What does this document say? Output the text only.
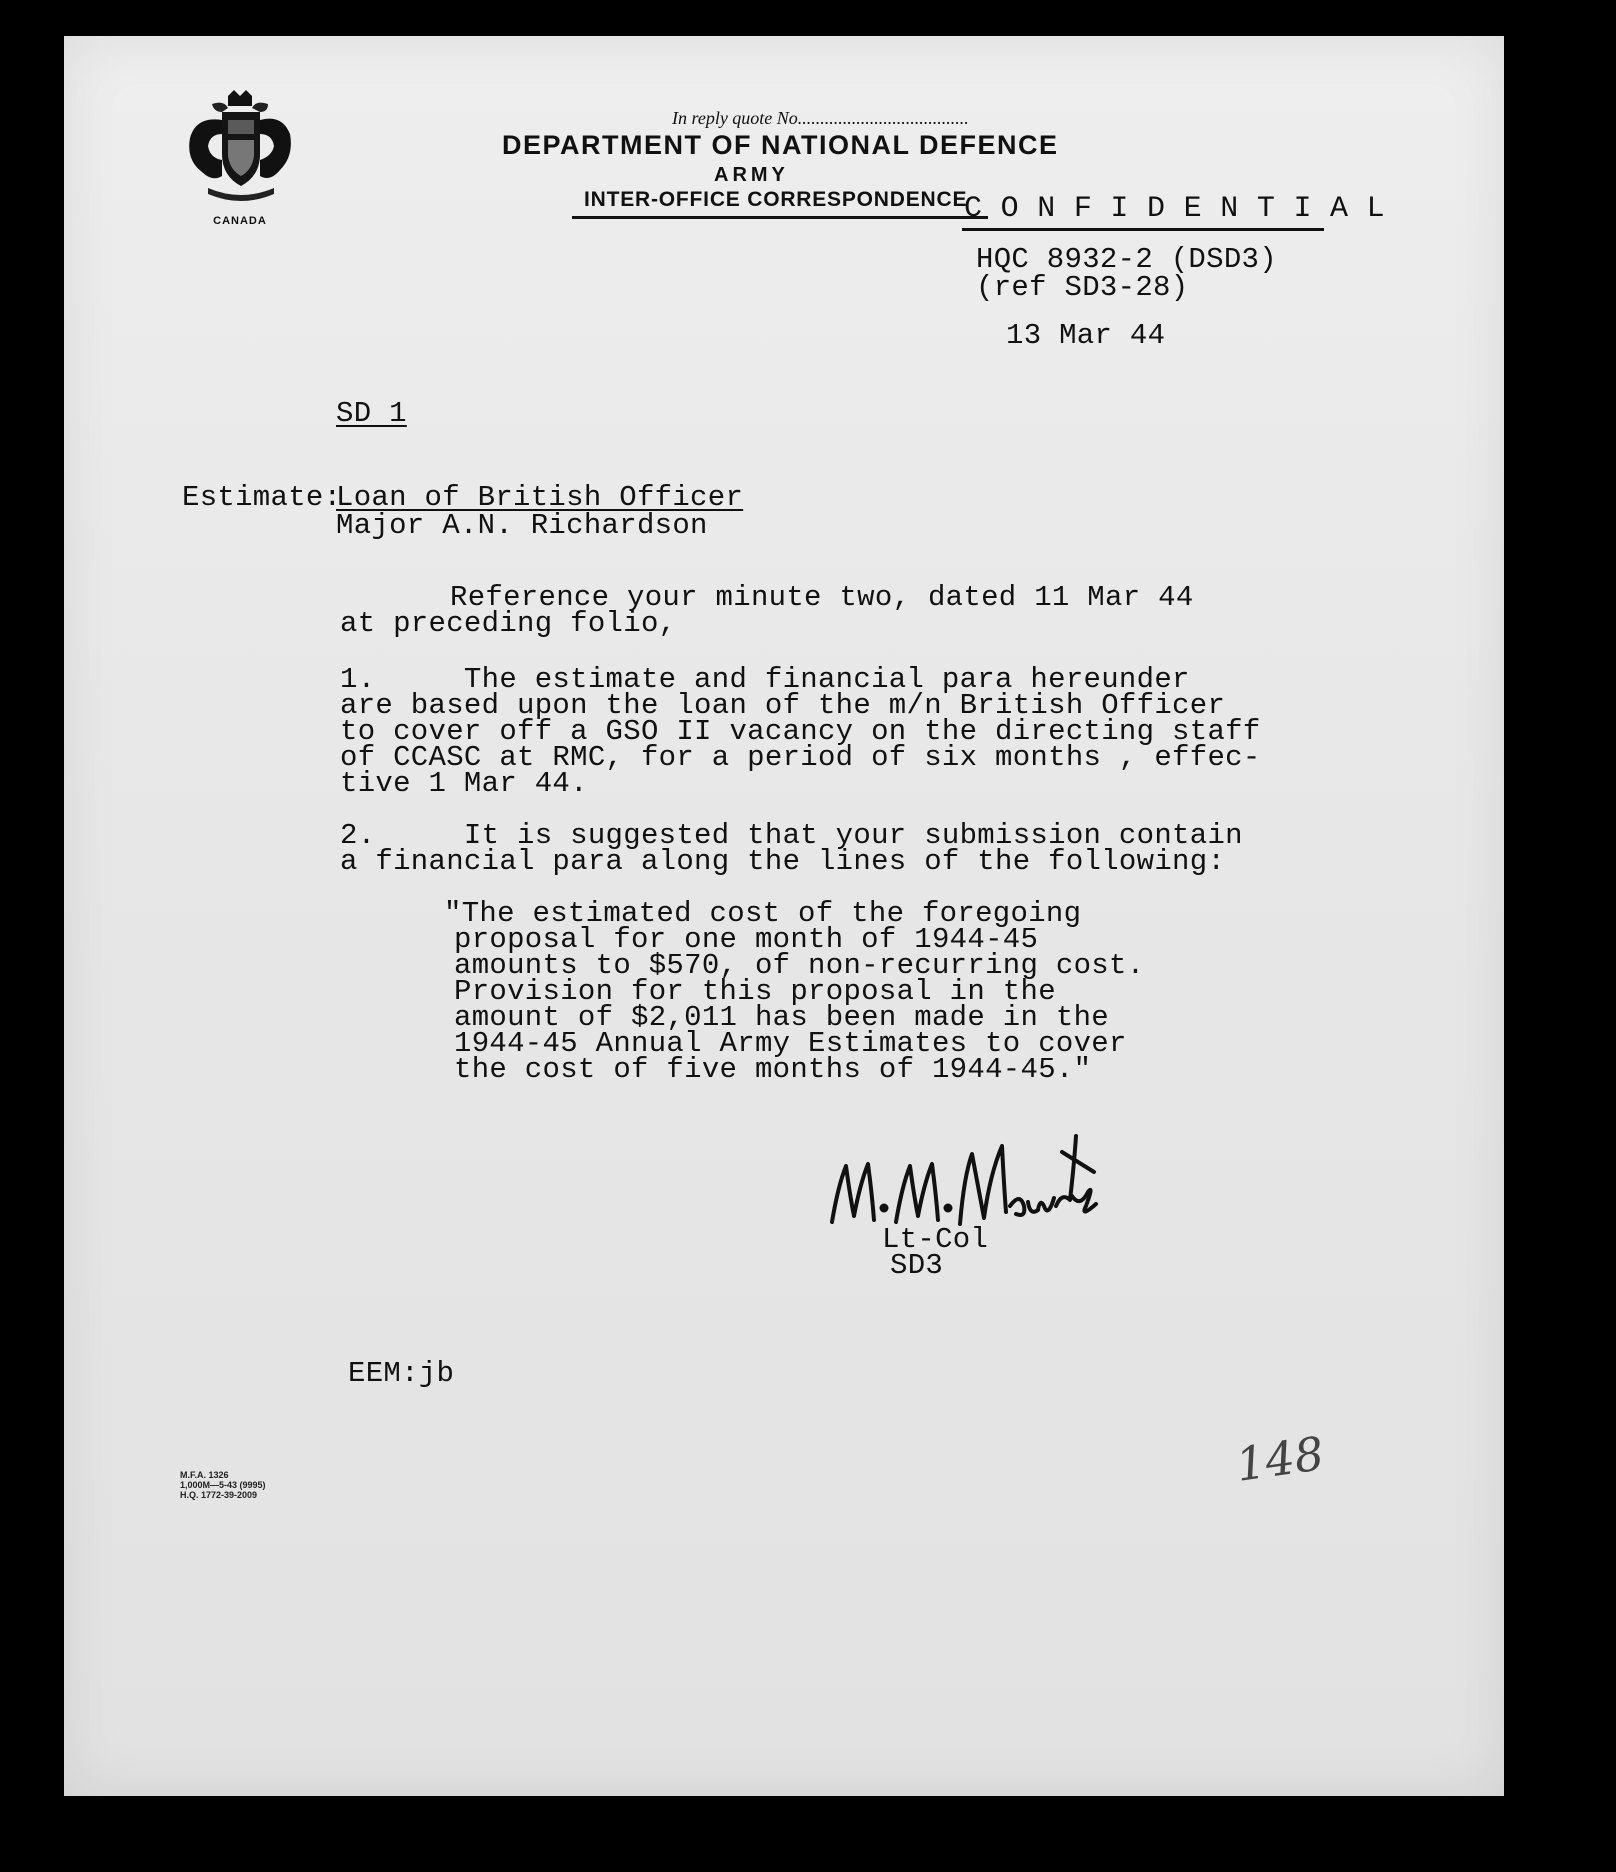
CANADA
In reply quote No......................................
DEPARTMENT OF NATIONAL DEFENCE
ARMY
INTER-OFFICE CORRESPONDENCE
C O N F I D E N T I A L
HQC 8932-2 (DSD3)
(ref SD3-28)
13 Mar 44
SD 1
Estimate:
Loan of British Officer
Major A.N. Richardson
Reference your minute two, dated 11 Mar 44
at preceding folio,
1.     The estimate and financial para hereunder
are based upon the loan of the m/n British Officer
to cover off a GSO II vacancy on the directing staff
of CCASC at RMC, for a period of six months , effec-
tive 1 Mar 44.
2.     It is suggested that your submission contain
a financial para along the lines of the following:
"The estimated cost of the foregoing
proposal for one month of 1944-45
amounts to $570, of non-recurring cost.
Provision for this proposal in the
amount of $2,011 has been made in the
1944-45 Annual Army Estimates to cover
the cost of five months of 1944-45."
Lt-Col
SD3
EEM:jb
148
M.F.A. 1326
1,000M—5-43 (9995)
H.Q. 1772-39-2009
